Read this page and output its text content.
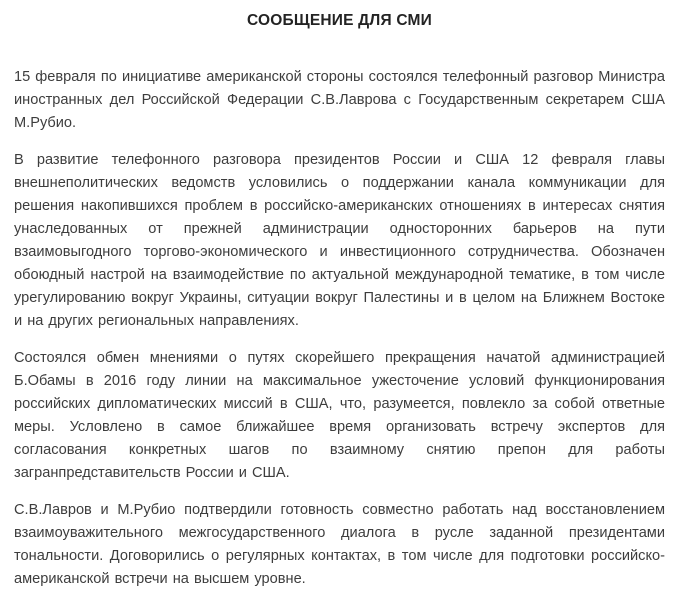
СООБЩЕНИЕ ДЛЯ СМИ

15 февраля по инициативе американской стороны состоялся телефонный разговор Министра иностранных дел Российской Федерации С.В.Лаврова с Государственным секретарем США М.Рубио.

В развитие телефонного разговора президентов России и США 12 февраля главы внешнеполитических ведомств условились о поддержании канала коммуникации для решения накопившихся проблем в российско-американских отношениях в интересах снятия унаследованных от прежней администрации односторонних барьеров на пути взаимовыгодного торгово-экономического и инвестиционного сотрудничества. Обозначен обоюдный настрой на взаимодействие по актуальной международной тематике, в том числе урегулированию вокруг Украины, ситуации вокруг Палестины и в целом на Ближнем Востоке и на других региональных направлениях.

Состоялся обмен мнениями о путях скорейшего прекращения начатой администрацией Б.Обамы в 2016 году линии на максимальное ужесточение условий функционирования российских дипломатических миссий в США, что, разумеется, повлекло за собой ответные меры. Условлено в самое ближайшее время организовать встречу экспертов для согласования конкретных шагов по взаимному снятию препон для работы загранпредставительств России и США.

С.В.Лавров и М.Рубио подтвердили готовность совместно работать над восстановлением взаимоуважительного межгосударственного диалога в русле заданной президентами тональности. Договорились о регулярных контактах, в том числе для подготовки российско-американской встречи на высшем уровне.
